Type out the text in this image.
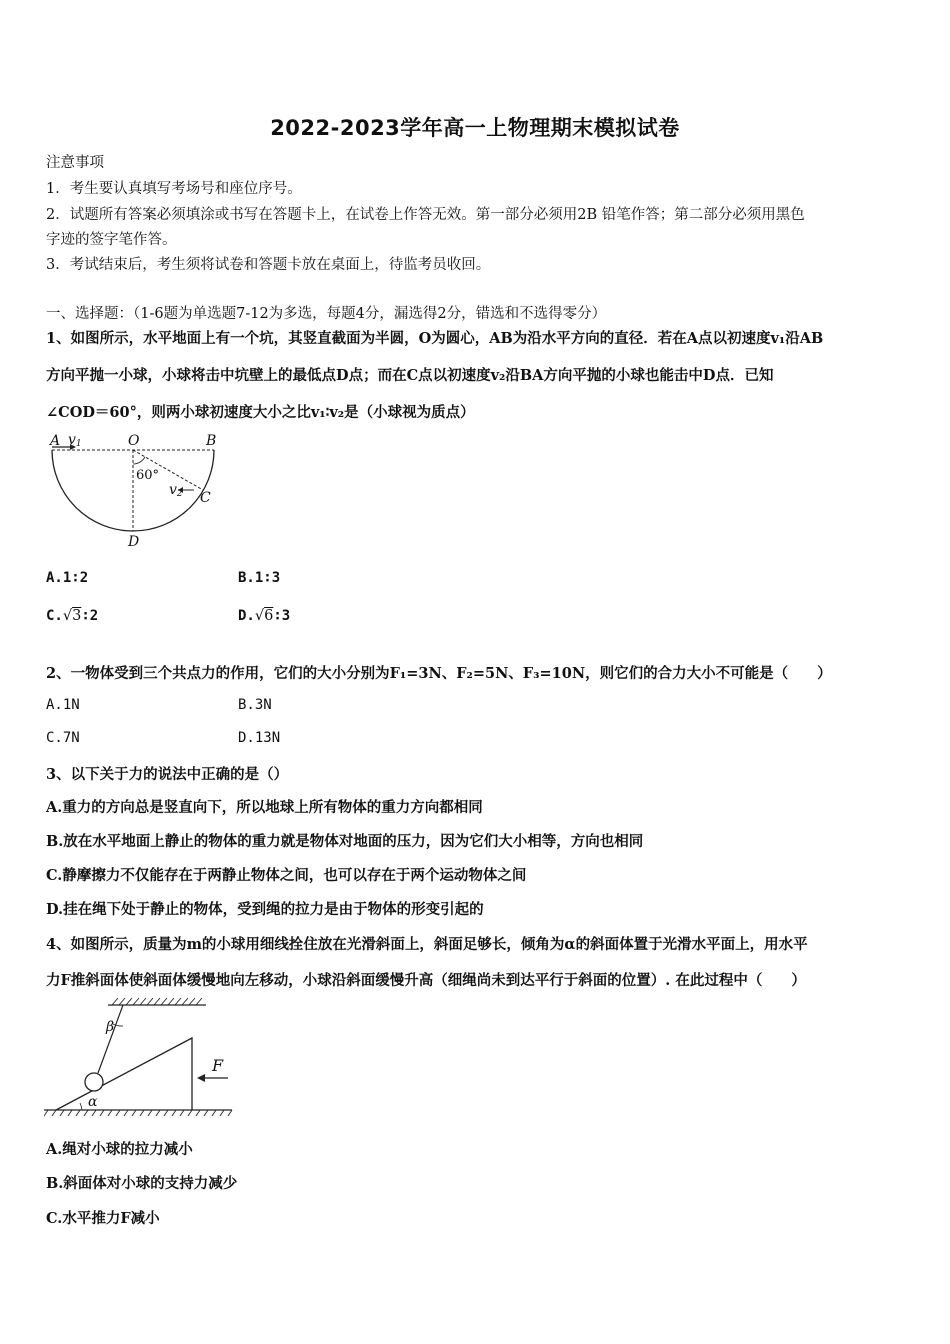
2022-2023学年高一上物理期末模拟试卷
注意事项
1．考生要认真填写考场号和座位序号。
2．试题所有答案必须填涂或书写在答题卡上，在试卷上作答无效。第一部分必须用2B 铅笔作答；第二部分必须用黑色
字迹的签字笔作答。
3．考试结束后，考生须将试卷和答题卡放在桌面上，待监考员收回。
一、选择题：（1-6题为单选题7-12为多选，每题4分，漏选得2分，错选和不选得零分）
1、如图所示，水平地面上有一个坑，其竖直截面为半圆，O为圆心，AB为沿水平方向的直径．若在A点以初速度v₁沿AB
方向平抛一小球，小球将击中坑壁上的最低点D点；而在C点以初速度v₂沿BA方向平抛的小球也能击中D点．已知
∠COD＝60°，则两小球初速度大小之比v₁∶v₂是（小球视为质点）
A v1	O	B
60°
v2 C
D
A.1∶2	B.1∶3
C.√3∶2	D.√6∶3
2、一物体受到三个共点力的作用，它们的大小分别为F₁=3N、F₂=5N、F₃=10N，则它们的合力大小不可能是（　　）
A.1N	B.3N
C.7N	D.13N
3、以下关于力的说法中正确的是（）
A.重力的方向总是竖直向下，所以地球上所有物体的重力方向都相同
B.放在水平地面上静止的物体的重力就是物体对地面的压力，因为它们大小相等，方向也相同
C.静摩擦力不仅能存在于两静止物体之间，也可以存在于两个运动物体之间
D.挂在绳下处于静止的物体，受到绳的拉力是由于物体的形变引起的
4、如图所示，质量为m的小球用细线拴住放在光滑斜面上，斜面足够长，倾角为α的斜面体置于光滑水平面上，用水平
力F推斜面体使斜面体缓慢地向左移动，小球沿斜面缓慢升高（细绳尚未到达平行于斜面的位置）. 在此过程中（　　）
β
α
F
A.绳对小球的拉力减小
B.斜面体对小球的支持力减少
C.水平推力F减小
